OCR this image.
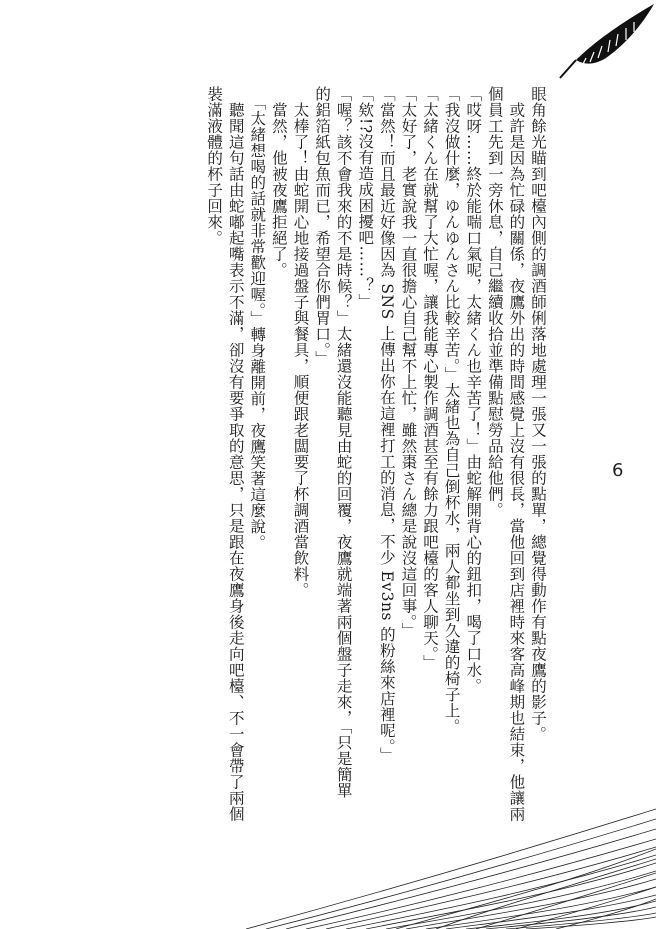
眼角餘光瞄到吧檯內側的調酒師俐落地處理一張又一張的點單，總覺得動作有點夜鷹的影子。

　或許是因為忙碌的關係，夜鷹外出的時間感覺上沒有很長，當他回到店裡時來客高峰期也結束，他讓兩

個員工先到一旁休息，自己繼續收拾並準備點慰勞品給他們。

「哎呀……終於能喘口氣呢，太緒くん也辛苦了！」由蛇解開背心的鈕扣，喝了口水。

「我沒做什麼，ゆんゆんさん比較辛苦。」太緒也為自己倒杯水，兩人都坐到久違的椅子上。

「太緒くん在就幫了大忙喔，讓我能專心製作調酒甚至有餘力跟吧檯的客人聊天。」

「太好了，老實說我一直很擔心自己幫不上忙，雖然棗さん總是說沒這回事。」

「當然！而且最近好像因為 SNS 上傳出你在這裡打工的消息，不少 Ev3ns 的粉絲來店裡呢。」

「欸!?沒有造成困擾吧……？」

「喔？該不會我來的不是時候？」太緒還沒能聽見由蛇的回覆，夜鷹就端著兩個盤子走來，「只是簡單

的鋁箔紙包魚而已，希望合你們胃口。」

　太棒了！由蛇開心地接過盤子與餐具，順便跟老闆要了杯調酒當飲料。

　當然，他被夜鷹拒絕了。

　「太緒想喝的話就非常歡迎喔。」轉身離開前，夜鷹笑著這麼說。

　聽聞這句話由蛇嘟起嘴表示不滿，卻沒有要爭取的意思，只是跟在夜鷹身後走向吧檯、不一會帶了兩個

裝滿液體的杯子回來。

6
